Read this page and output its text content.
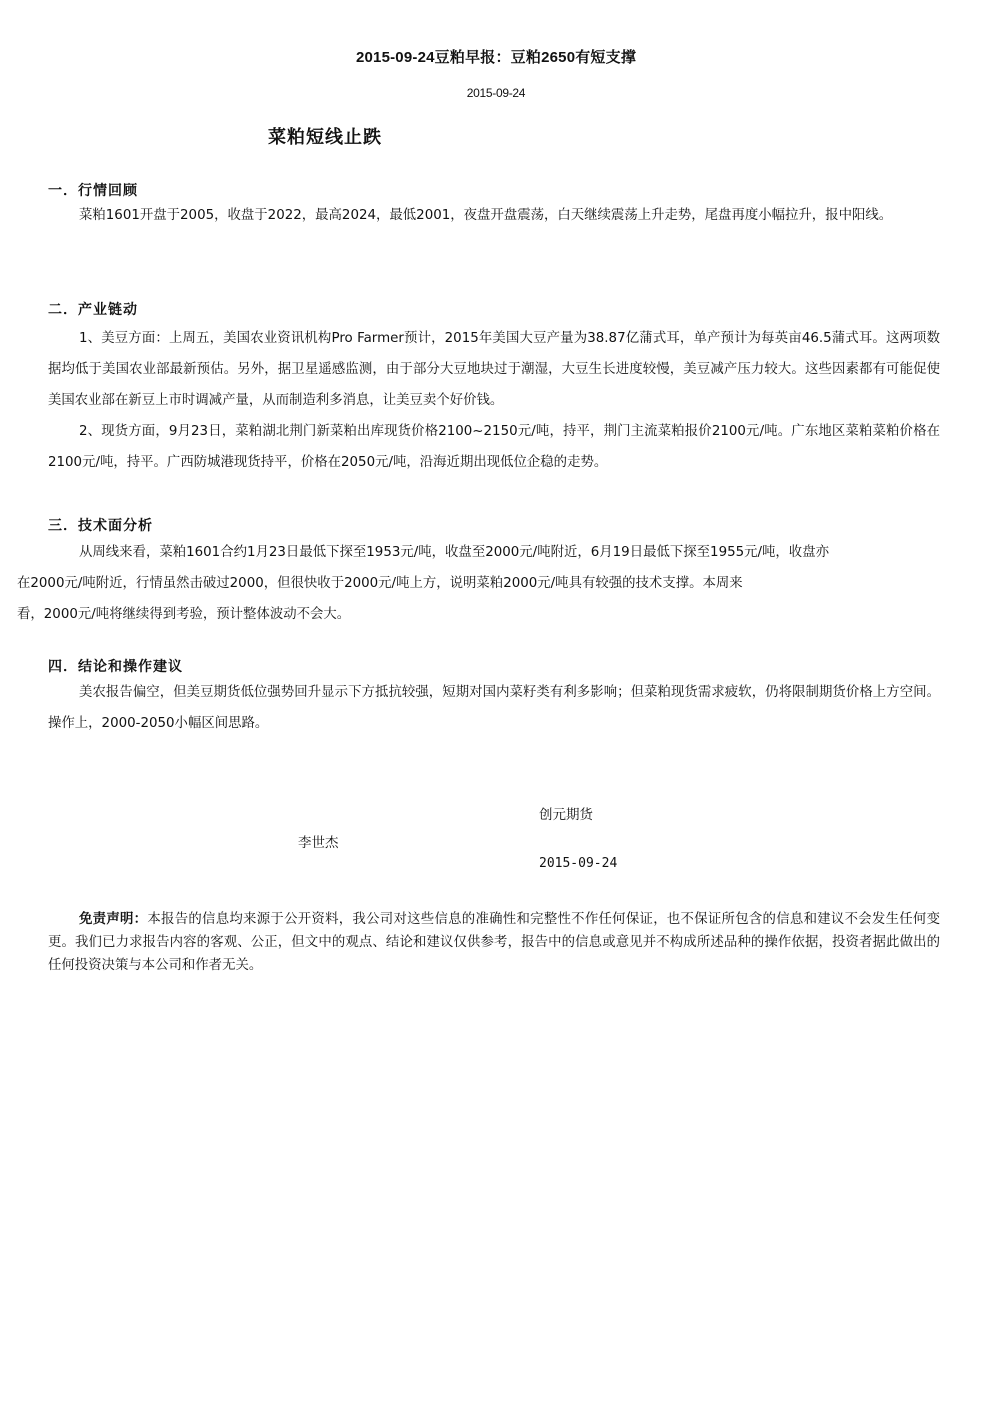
2015-09-24豆粕早报：豆粕2650有短支撑
2015-09-24
菜粕短线止跌
一．行情回顾
菜粕1601开盘于2005，收盘于2022，最高2024，最低2001，夜盘开盘震荡，白天继续震荡上升走势，尾盘再度小幅拉升，报中阳线。
二．产业链动
1、美豆方面：上周五，美国农业资讯机构Pro Farmer预计，2015年美国大豆产量为38.87亿蒲式耳，单产预计为每英亩46.5蒲式耳。这两项数据均低于美国农业部最新预估。另外，据卫星遥感监测，由于部分大豆地块过于潮湿，大豆生长进度较慢，美豆减产压力较大。这些因素都有可能促使美国农业部在新豆上市时调减产量，从而制造利多消息，让美豆卖个好价钱。
2、现货方面，9月23日，菜粕湖北荆门新菜粕出库现货价格2100~2150元/吨，持平，荆门主流菜粕报价2100元/吨。广东地区菜粕菜粕价格在2100元/吨，持平。广西防城港现货持平，价格在2050元/吨，沿海近期出现低位企稳的走势。
三．技术面分析
从周线来看，菜粕1601合约1月23日最低下探至1953元/吨，收盘至2000元/吨附近，6月19日最低下探至1955元/吨，收盘亦
在2000元/吨附近，行情虽然击破过2000，但很快收于2000元/吨上方，说明菜粕2000元/吨具有较强的技术支撑。本周来
看，2000元/吨将继续得到考验，预计整体波动不会大。
四．结论和操作建议
美农报告偏空，但美豆期货低位强势回升显示下方抵抗较强，短期对国内菜籽类有利多影响；但菜粕现货需求疲软，仍将限制期货价格上方空间。操作上，2000-2050小幅区间思路。
创元期货
李世杰
2015-09-24
免责声明：本报告的信息均来源于公开资料，我公司对这些信息的准确性和完整性不作任何保证，也不保证所包含的信息和建议不会发生任何变更。我们已力求报告内容的客观、公正，但文中的观点、结论和建议仅供参考，报告中的信息或意见并不构成所述品种的操作依据，投资者据此做出的任何投资决策与本公司和作者无关。
